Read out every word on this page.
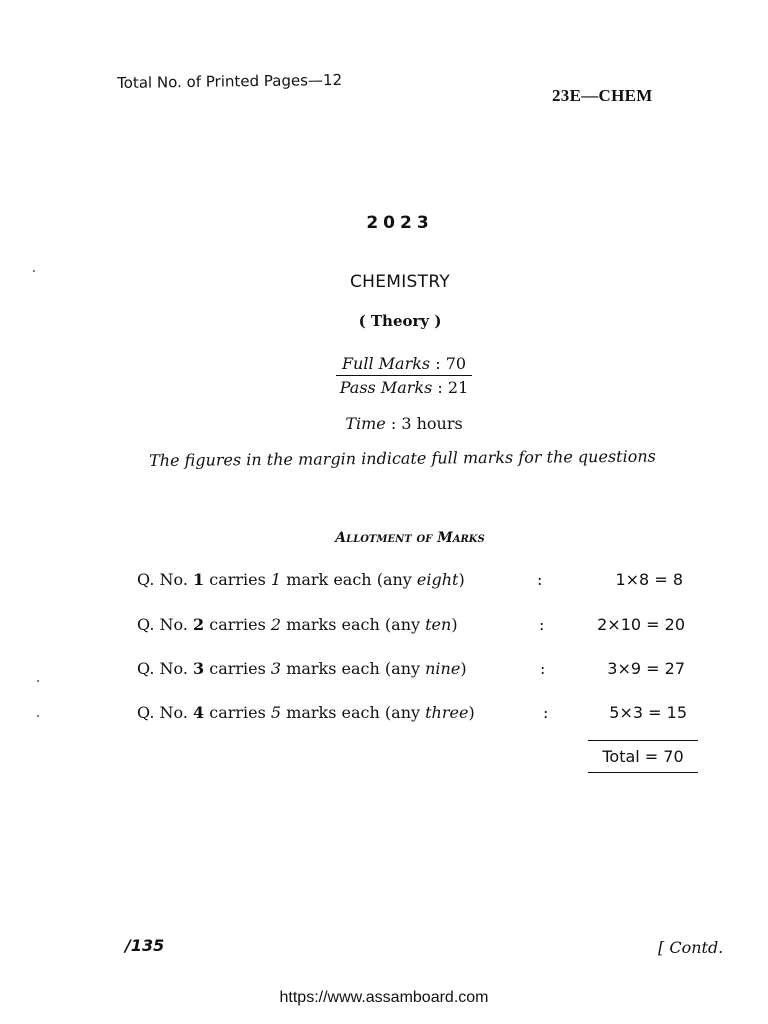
Total No. of Printed Pages—12
23E—CHEM
2023
CHEMISTRY
( Theory )
Full Marks : 70
Pass Marks : 21
Time : 3 hours
The figures in the margin indicate full marks for the questions
Allotment of Marks
Q. No. 1 carries 1 mark each (any eight)	:	1×8 = 8
Q. No. 2 carries 2 marks each (any ten)	:	2×10 = 20
Q. No. 3 carries 3 marks each (any nine)	:	3×9 = 27
Q. No. 4 carries 5 marks each (any three)	:	5×3 = 15
Total = 70
/135	[ Contd.
https://www.assamboard.com
